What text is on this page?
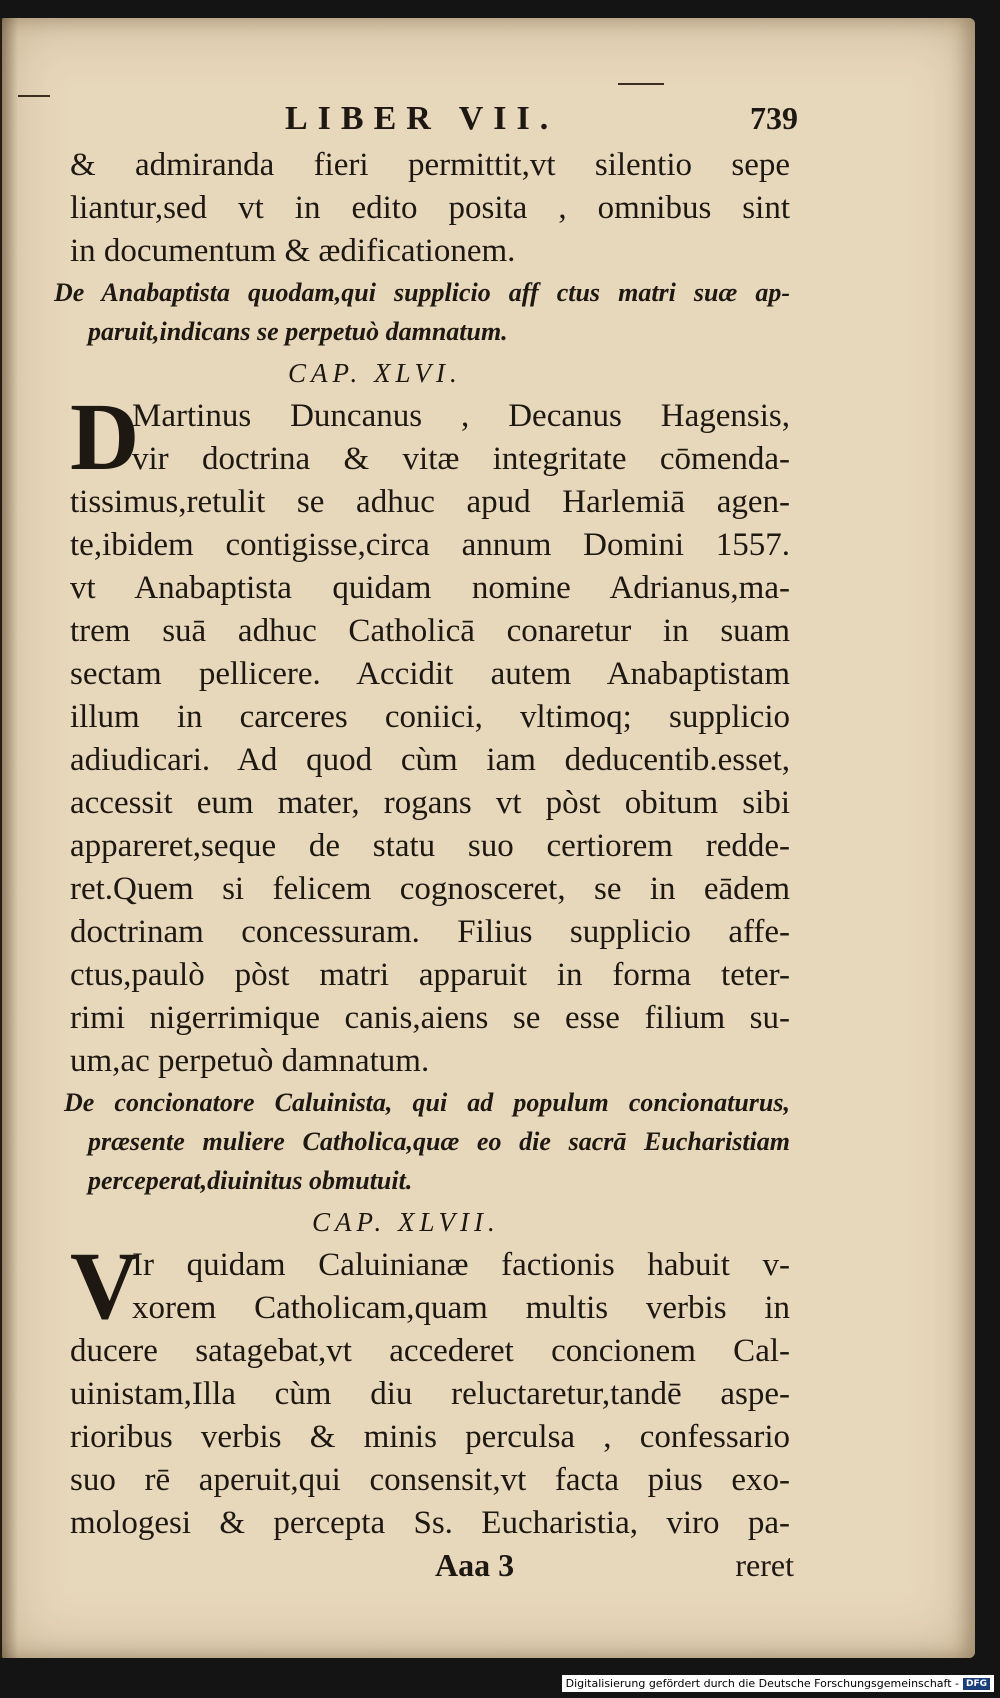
LIBER VII.	739
& admiranda fieri permittit,vt silentio sepe
liantur,sed vt in edito posita , omnibus sint
in documentum & ædificationem.
De Anabaptista quodam,qui supplicio aff ctus matri suæ ap-
paruit,indicans se perpetuò damnatum.
CAP. XLVI.
D
Martinus Duncanus , Decanus Hagensis,
vir doctrina & vitæ integritate cōmenda-
tissimus,retulit se adhuc apud Harlemiā agen-
te,ibidem contigisse,circa annum Domini 1557.
vt Anabaptista quidam nomine Adrianus,ma-
trem suā adhuc Catholicā conaretur in suam
sectam pellicere. Accidit autem Anabaptistam
illum in carceres coniici, vltimoq; supplicio
adiudicari. Ad quod cùm iam deducentib.esset,
accessit eum mater, rogans vt pòst obitum sibi
appareret,seque de statu suo certiorem redde-
ret.Quem si felicem cognosceret, se in eādem
doctrinam concessuram. Filius supplicio affe-
ctus,paulò pòst matri apparuit in forma teter-
rimi nigerrimique canis,aiens se esse filium su-
um,ac perpetuò damnatum.
De concionatore Caluinista, qui ad populum concionaturus,
præsente muliere Catholica,quæ eo die sacrā Eucharistiam
perceperat,diuinitus obmutuit.
CAP. XLVII.
V
Ir quidam Caluinianæ factionis habuit v-
xorem Catholicam,quam multis verbis in
ducere satagebat,vt accederet concionem Cal-
uinistam,Illa cùm diu reluctaretur,tandē aspe-
rioribus verbis & minis perculsa , confessario
suo rē aperuit,qui consensit,vt facta pius exo-
mologesi & percepta Ss. Eucharistia, viro pa-
Aaa 3	reret
Digitalisierung gefördert durch die Deutsche Forschungsgemeinschaft - DFG
